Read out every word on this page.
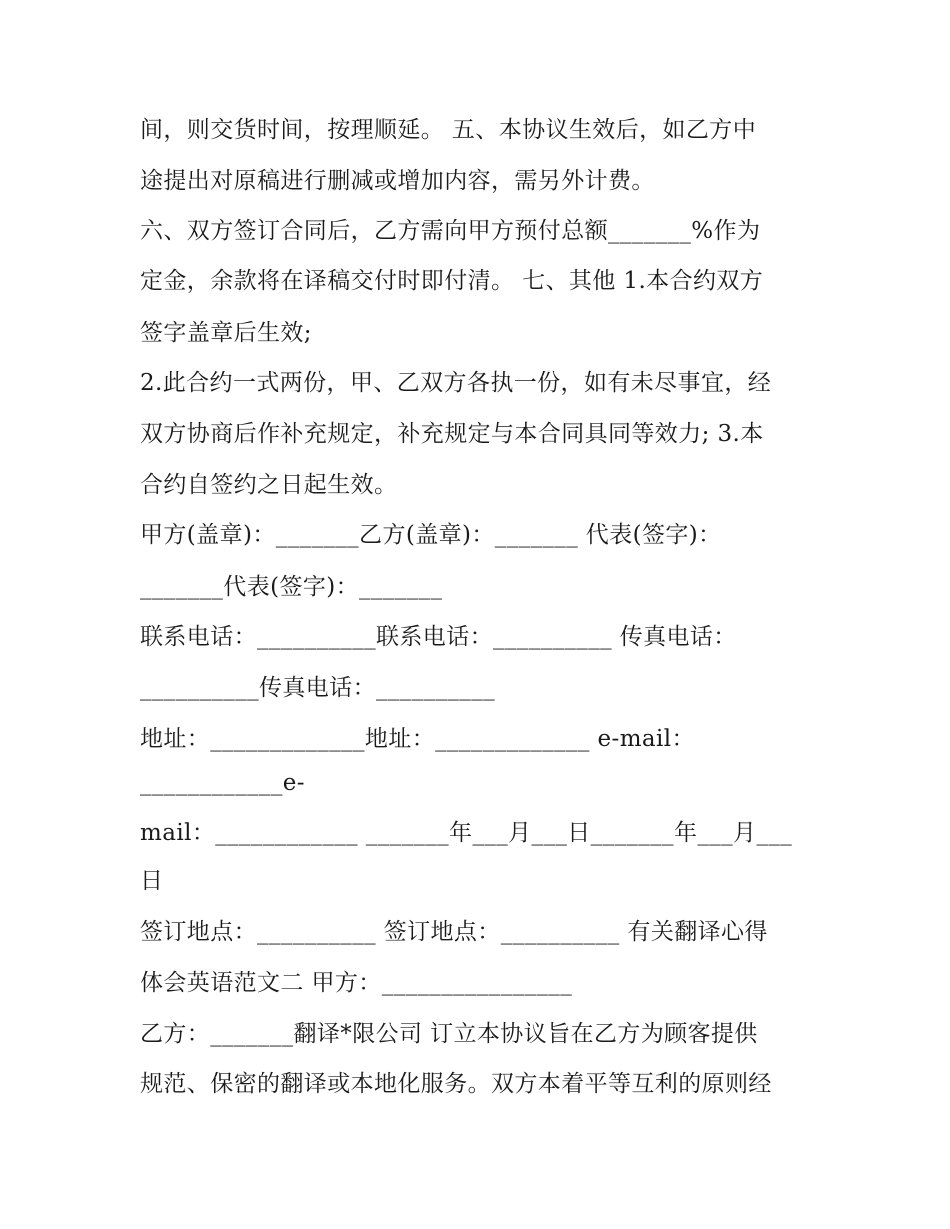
间，则交货时间，按理顺延。 五、本协议生效后，如乙方中
途提出对原稿进行删减或增加内容，需另外计费。
六、双方签订合同后，乙方需向甲方预付总额_______%作为
定金，余款将在译稿交付时即付清。 七、其他 1.本合约双方
签字盖章后生效;
2.此合约一式两份，甲、乙双方各执一份，如有未尽事宜，经
双方协商后作补充规定，补充规定与本合同具同等效力; 3.本
合约自签约之日起生效。
甲方(盖章)：_______乙方(盖章)：_______ 代表(签字)：
_______代表(签字)：_______
联系电话：__________联系电话：__________ 传真电话：
__________传真电话：__________
地址：_____________地址：_____________ e-mail：
____________e-
mail：____________ _______年___月___日_______年___月___
日
签订地点：__________ 签订地点：__________ 有关翻译心得
体会英语范文二 甲方：________________
乙方：_______翻译*限公司 订立本协议旨在乙方为顾客提供
规范、保密的翻译或本地化服务。双方本着平等互利的原则经
